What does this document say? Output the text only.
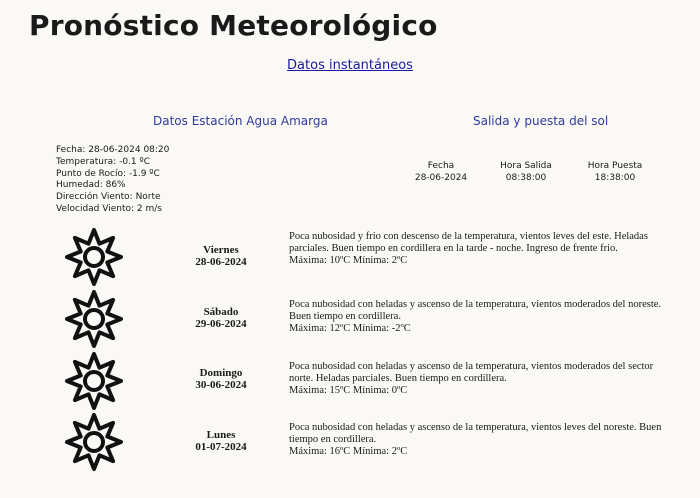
Pronóstico Meteorológico
Datos instantáneos
Datos Estación Agua Amarga	Salida y puesta del sol
Fecha: 28-06-2024 08:20
Temperatura: -0.1 ºC
Punto de Rocío: -1.9 ºC
Humedad: 86%
Dirección Viento: Norte
Velocidad Viento: 2 m/s
Fecha
28-06-2024
Hora Salida
08:38:00
Hora Puesta
18:38:00
Viernes
28-06-2024
Poca nubosidad y frio con descenso de la temperatura, vientos leves del este. Heladas parciales. Buen tiempo en cordillera en la tarde - noche. Ingreso de frente frio.
Máxima: 10ºC Mínima: 2ºC
Sábado
29-06-2024
Poca nubosidad con heladas y ascenso de la temperatura, vientos moderados del noreste. Buen tiempo en cordillera.
Máxima: 12ºC Mínima: -2ºC
Domingo
30-06-2024
Poca nubosidad con heladas y ascenso de la temperatura, vientos moderados del sector norte. Heladas parciales. Buen tiempo en cordillera.
Máxima: 15ºC Mínima: 0ºC
Lunes
01-07-2024
Poca nubosidad con heladas y ascenso de la temperatura, vientos leves del noreste. Buen tiempo en cordillera.
Máxima: 16ºC Mínima: 2ºC
